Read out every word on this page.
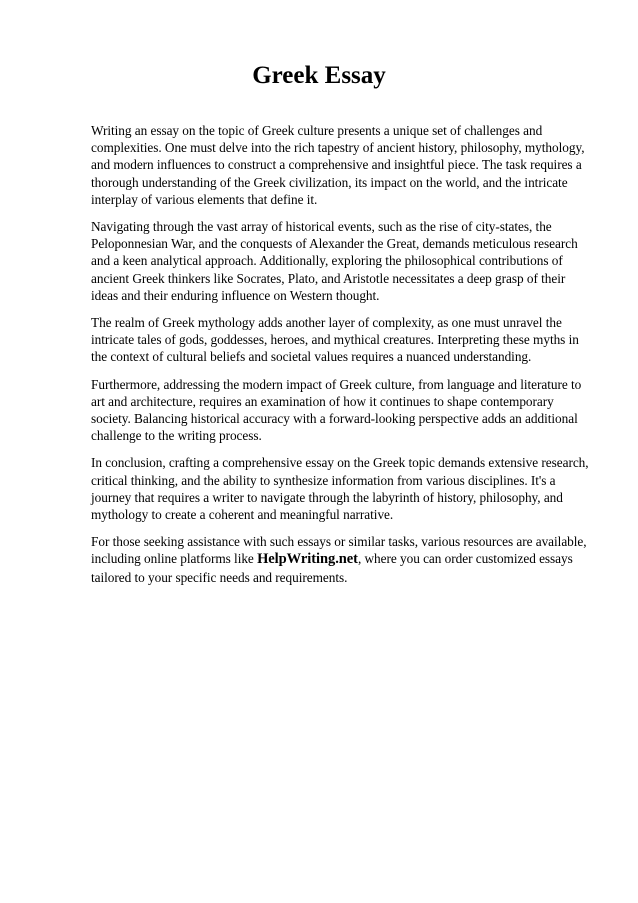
Greek Essay

Writing an essay on the topic of Greek culture presents a unique set of challenges and complexities. One must delve into the rich tapestry of ancient history, philosophy, mythology, and modern influences to construct a comprehensive and insightful piece. The task requires a thorough understanding of the Greek civilization, its impact on the world, and the intricate interplay of various elements that define it.

Navigating through the vast array of historical events, such as the rise of city-states, the Peloponnesian War, and the conquests of Alexander the Great, demands meticulous research and a keen analytical approach. Additionally, exploring the philosophical contributions of ancient Greek thinkers like Socrates, Plato, and Aristotle necessitates a deep grasp of their ideas and their enduring influence on Western thought.

The realm of Greek mythology adds another layer of complexity, as one must unravel the intricate tales of gods, goddesses, heroes, and mythical creatures. Interpreting these myths in the context of cultural beliefs and societal values requires a nuanced understanding.

Furthermore, addressing the modern impact of Greek culture, from language and literature to art and architecture, requires an examination of how it continues to shape contemporary society. Balancing historical accuracy with a forward-looking perspective adds an additional challenge to the writing process.

In conclusion, crafting a comprehensive essay on the Greek topic demands extensive research, critical thinking, and the ability to synthesize information from various disciplines. It's a journey that requires a writer to navigate through the labyrinth of history, philosophy, and mythology to create a coherent and meaningful narrative.

For those seeking assistance with such essays or similar tasks, various resources are available, including online platforms like HelpWriting.net, where you can order customized essays tailored to your specific needs and requirements.
